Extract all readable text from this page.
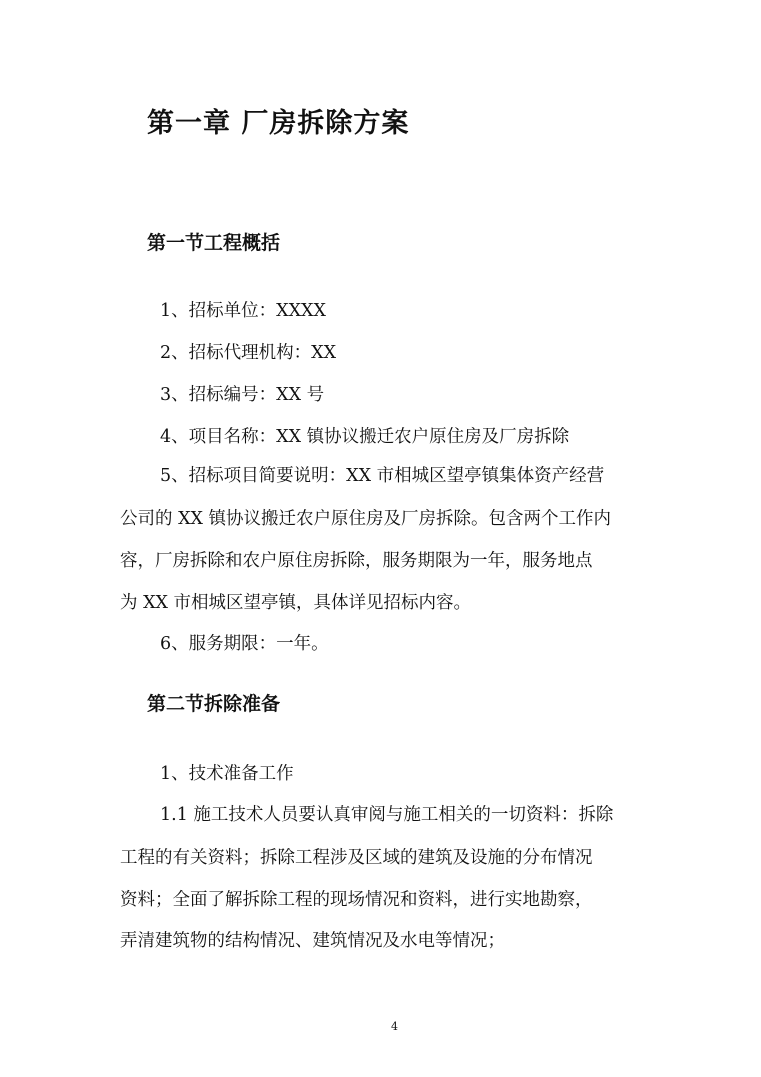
第一章 厂房拆除方案
第一节工程概括

1、招标单位：XXXX

2、招标代理机构：XX

3、招标编号：XX 号

4、项目名称：XX 镇协议搬迁农户原住房及厂房拆除

5、招标项目简要说明：XX 市相城区望亭镇集体资产经营

公司的 XX 镇协议搬迁农户原住房及厂房拆除。包含两个工作内

容，厂房拆除和农户原住房拆除，服务期限为一年，服务地点

为 XX 市相城区望亭镇，具体详见招标内容。

6、服务期限：一年。

第二节拆除准备

1、技术准备工作

1.1 施工技术人员要认真审阅与施工相关的一切资料：拆除

工程的有关资料；拆除工程涉及区域的建筑及设施的分布情况

资料；全面了解拆除工程的现场情况和资料，进行实地勘察，

弄清建筑物的结构情况、建筑情况及水电等情况；

4
